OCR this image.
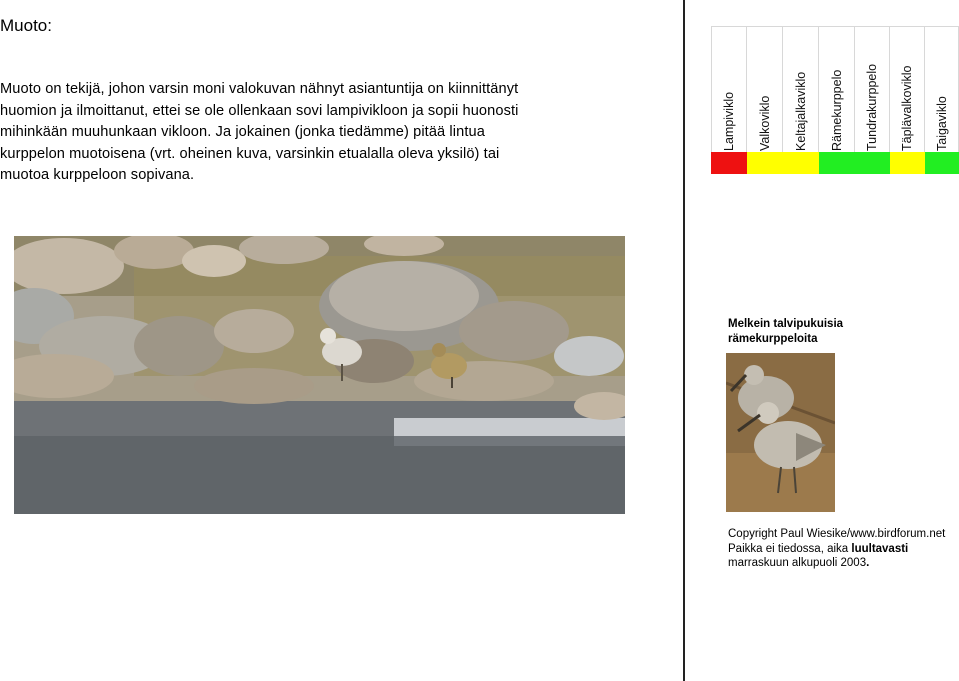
Muoto:
Muoto on tekijä, johon varsin moni valokuvan nähnyt asiantuntija on kiinnittänyt
huomion ja ilmoittanut, ettei se ole ollenkaan sovi lampivikloon ja sopii huonosti
mihinkään muuhunkaan vikloon. Ja jokainen (jonka tiedämme) pitää lintua
kurppelon muotoisena (vrt. oheinen kuva, varsinkin etualalla oleva yksilö) tai
muotoa kurppeloon sopivana.
Lampiviklo Valkoviklo Keltajalkaviklo Rämekurppelo Tundrakurppelo Täplävalkoviklo Taigaviklo
Melkein talvipukuisia
rämekurppeloita
Copyright Paul Wiesike/www.birdforum.net
Paikka ei tiedossa, aika luultavasti
marraskuun alkupuoli 2003.
